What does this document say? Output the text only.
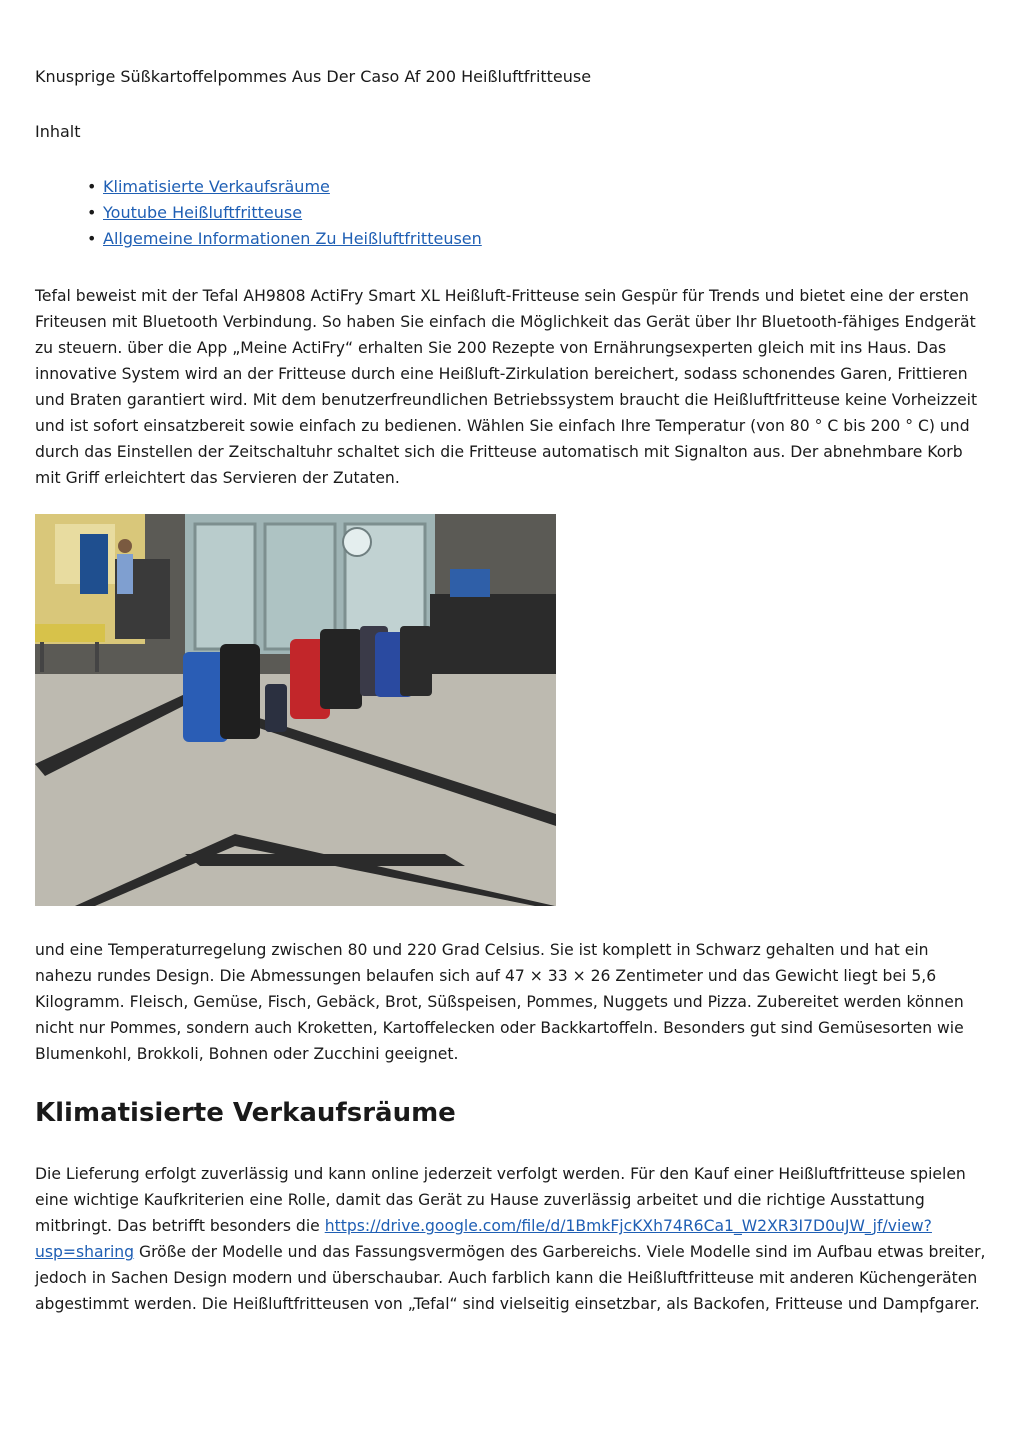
Knusprige Süßkartoffelpommes Aus Der Caso Af 200 Heißluftfritteuse

Inhalt

• Klimatisierte Verkaufsräume
• Youtube Heißluftfritteuse
• Allgemeine Informationen Zu Heißluftfritteusen

Tefal beweist mit der Tefal AH9808 ActiFry Smart XL Heißluft-Fritteuse sein Gespür für Trends und bietet eine der ersten Friteusen mit Bluetooth Verbindung. So haben Sie einfach die Möglichkeit das Gerät über Ihr Bluetooth-fähiges Endgerät zu steuern. über die App „Meine ActiFry“ erhalten Sie 200 Rezepte von Ernährungsexperten gleich mit ins Haus. Das innovative System wird an der Fritteuse durch eine Heißluft-Zirkulation bereichert, sodass schonendes Garen, Frittieren und Braten garantiert wird. Mit dem benutzerfreundlichen Betriebssystem braucht die Heißluftfritteuse keine Vorheizzeit und ist sofort einsatzbereit sowie einfach zu bedienen. Wählen Sie einfach Ihre Temperatur (von 80 ° C bis 200 ° C) und durch das Einstellen der Zeitschaltuhr schaltet sich die Fritteuse automatisch mit Signalton aus. Der abnehmbare Korb mit Griff erleichtert das Servieren der Zutaten.

und eine Temperaturregelung zwischen 80 und 220 Grad Celsius. Sie ist komplett in Schwarz gehalten und hat ein nahezu rundes Design. Die Abmessungen belaufen sich auf 47 × 33 × 26 Zentimeter und das Gewicht liegt bei 5,6 Kilogramm. Fleisch, Gemüse, Fisch, Gebäck, Brot, Süßspeisen, Pommes, Nuggets und Pizza. Zubereitet werden können nicht nur Pommes, sondern auch Kroketten, Kartoffelecken oder Backkartoffeln. Besonders gut sind Gemüsesorten wie Blumenkohl, Brokkoli, Bohnen oder Zucchini geeignet.

Klimatisierte Verkaufsräume

Die Lieferung erfolgt zuverlässig und kann online jederzeit verfolgt werden. Für den Kauf einer Heißluftfritteuse spielen eine wichtige Kaufkriterien eine Rolle, damit das Gerät zu Hause zuverlässig arbeitet und die richtige Ausstattung mitbringt. Das betrifft besonders die https://drive.google.com/file/d/1BmkFjcKXh74R6Ca1_W2XR3I7D0uJW_jf/view?usp=sharing Größe der Modelle und das Fassungsvermögen des Garbereichs. Viele Modelle sind im Aufbau etwas breiter, jedoch in Sachen Design modern und überschaubar. Auch farblich kann die Heißluftfritteuse mit anderen Küchengeräten abgestimmt werden. Die Heißluftfritteusen von „Tefal“ sind vielseitig einsetzbar, als Backofen, Fritteuse und Dampfgarer.
